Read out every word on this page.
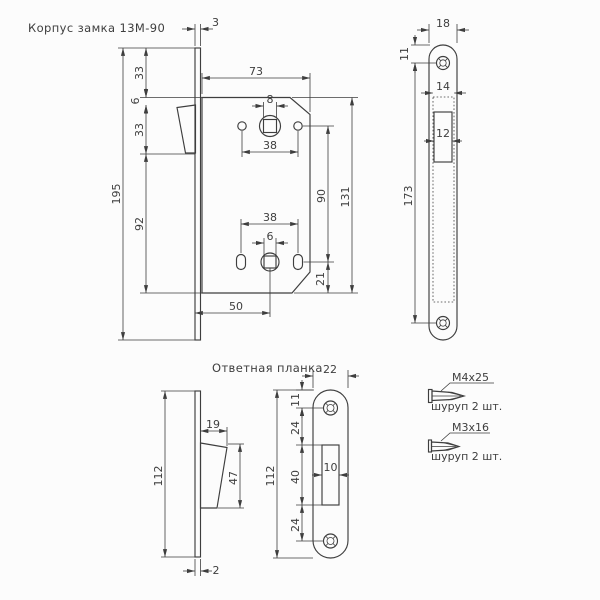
Корпус замка 13М-90
Ответная планка
3
195
33
6
33
92
73
8
38
38
6
90 131
21
50
18
11
173
14
12
112
19
47
2
22
112
11
24
40
24
10
M4x25
шуруп 2 шт.
M3x16
шуруп 2 шт.
